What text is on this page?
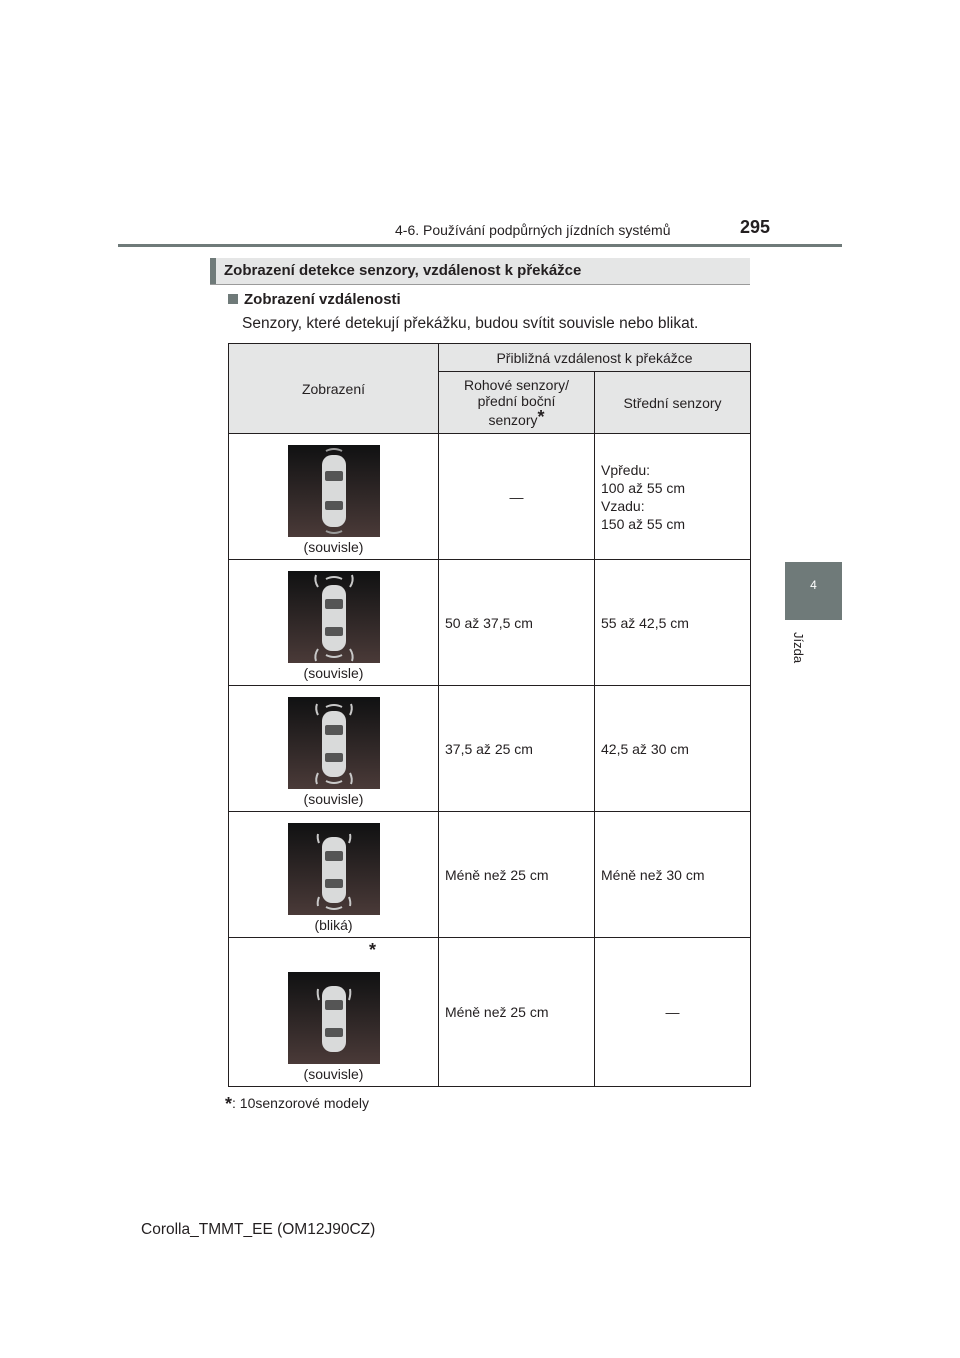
4-6. Používání podpůrných jízdních systémů	295
4
Jízda
Zobrazení detekce senzory, vzdálenost k překážce
Zobrazení vzdálenosti
Senzory, které detekují překážku, budou svítit souvisle nebo blikat.
Zobrazení	Přibližná vzdálenost k překážce	
	Rohové senzory/ přední boční senzory*	Střední senzory

(souvisle)	—	Vpředu:
100 až 55 cm
Vzadu:
150 až 55 cm

(souvisle)	50 až 37,5 cm	55 až 42,5 cm

(souvisle)	37,5 až 25 cm	42,5 až 30 cm

(bliká)	Méně než 25 cm	Méně než 30 cm

*
(souvisle)	Méně než 25 cm	—
*: 10senzorové modely
Corolla_TMMT_EE (OM12J90CZ)
